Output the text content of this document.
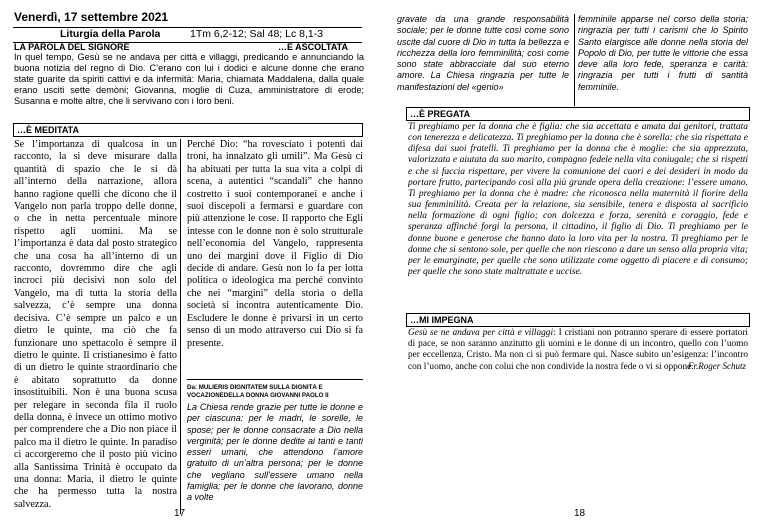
Venerdì, 17 settembre 2021
Liturgia della Parola	1Tm 6,2-12; Sal 48; Lc 8,1-3
LA PAROLA DEL SIGNORE	…È ASCOLTATA
In quel tempo, Gesù se ne andava per città e villaggi, predicando e annunciando la buona notizia del regno di Dio. C’erano con lui i dodici e alcune donne che erano state guarite da spiriti cattivi e da infermità: Maria, chiamata Maddalena, dalla quale erano usciti sette demòni; Giovanna, moglie di Cuza, amministratore di erode; Susanna e molte altre, che li servivano con i loro beni.
…È MEDITATA
Se l’importanza di qualcosa in un racconto, la si deve misurare dalla quantità di spazio che le si dà all’interno della narrazione, allora hanno ragione quelli che dicono che il Vangelo non parla troppo delle donne, o che in netta percentuale minore rispetto agli uomini. Ma se l’importanza è data dal posto strategico che una cosa ha all’interno di un racconto, dovremmo dire che agli incroci più decisivi non solo del Vangelo, ma di tutta la storia della salvezza, c’è sempre una donna decisiva. C’è sempre un palco e un dietro le quinte, ma ciò che fa funzionare uno spettacolo è sempre il dietro le quinte. Il cristianesimo è fatto di un dietro le quinte straordinario che è abitato soprattutto da donne insostituibili. Non è una buona scusa per relegare in seconda fila il ruolo della donna, è invece un ottimo motivo per comprendere che a Dio non piace il palco ma il dietro le quinte. In paradiso ci accorgeremo che il posto più vicino alla Santissima Trinità è occupato da una donna: Maria, il dietro le quinte che ha permesso tutta la nostra salvezza.
Perché Dio: “ha rovesciato i potenti dai troni, ha innalzato gli umili”. Ma Gesù ci ha abituati per tutta la sua vita a colpi di scena, a autentici “scandali” che hanno costretto i suoi contemporanei e anche i suoi discepoli a fermarsi e guardare con più attenzione le cose. Il rapporto che Egli intesse con le donne non è solo strutturale nell’economia del Vangelo, rappresenta uno dei margini dove il Figlio di Dio decide di andare. Gesù non lo fa per lotta politica o ideologica ma perché convinto che nei “margini” della storia o della società si incontra autenticamente Dio. Escludere le donne è privarsi in un certo senso di un modo attraverso cui Dio si fa presente.
Da: MULIERIS DIGNITATEM SULLA DIGNITÀ E VOCAZIONEDELLA DONNA GIOVANNI PAOLO II
La Chiesa rende grazie per tutte le donne e per ciascuna: per le madri, le sorelle, le spose; per le donne consacrate a Dio nella verginità; per le donne dedite ai tanti e tanti esseri umani, che attendono l’amore gratuito di un’altra persona; per le donne che vegliano sull’essere umano nella famiglia; per le donne che lavorano, donne a volte
17
gravate da una grande responsabilità sociale; per le donne tutte così come sono uscite dal cuore di Dio in tutta la bellezza e ricchezza della loro femminilità; così come sono state abbracciate dal suo eterno amore. La Chiesa ringrazia per tutte le manifestazioni del «genio»
femminile apparse nel corso della storia; ringrazia per tutti i carismi che lo Spirito Santo elargisce alle donne nella storia del Popolo di Dio, per tutte le vittorie che essa deve alla loro fede, speranza e carità: ringrazia per tutti i frutti di santità femminile.
…È PREGATA
Ti preghiamo per la donna che è figlia: che sia accettata e amata dai genitori, trattata con tenerezza e delicatezza. Ti preghiamo per la donna che è sorella: che sia rispettata e difesa dai suoi fratelli. Ti preghiamo per la donna che è moglie: che sia apprezzata, valorizzata e aiutata da suo marito, compagno fedele nella vita coniugale; che si rispetti e che si faccia rispettare, per vivere la comunione dei cuori e dei desideri in modo da portare frutto, partecipando così alla più grande opera della creazione: l’essere umano. Ti preghiamo per la donna che è madre: che riconosca nella maternità il fiorire della sua femminilità. Creata per la relazione, sia sensibile, tenera e disposta al sacrificio nella formazione di ogni figlio; con dolcezza e forza, serenità e coraggio, fede e speranza affinché forgi la persona, il cittadino, il figlio di Dio. Ti preghiamo per le donne buone e generose che hanno dato la loro vita per la nostra. Ti preghiamo per le donne che si sentono sole, per quelle che non riescono a dare un senso alla propria vita; per le emarginate, per quelle che sono utilizzate come oggetto di piacere e di consumo; per quelle che sono state maltrattate e uccise.
…MI IMPEGNA
Gesù se ne andava per città e villaggi: I cristiani non potranno sperare di essere portatori di pace, se non saranno anzitutto gli uomini e le donne di un incontro, quello con l’uomo per eccellenza, Cristo. Ma non ci si può fermare qui. Nasce subito un’esigenza: l’incontro con l’uomo, anche con colui che non condivide la nostra fede o vi si oppone.
Fr.Roger Schutz
18
